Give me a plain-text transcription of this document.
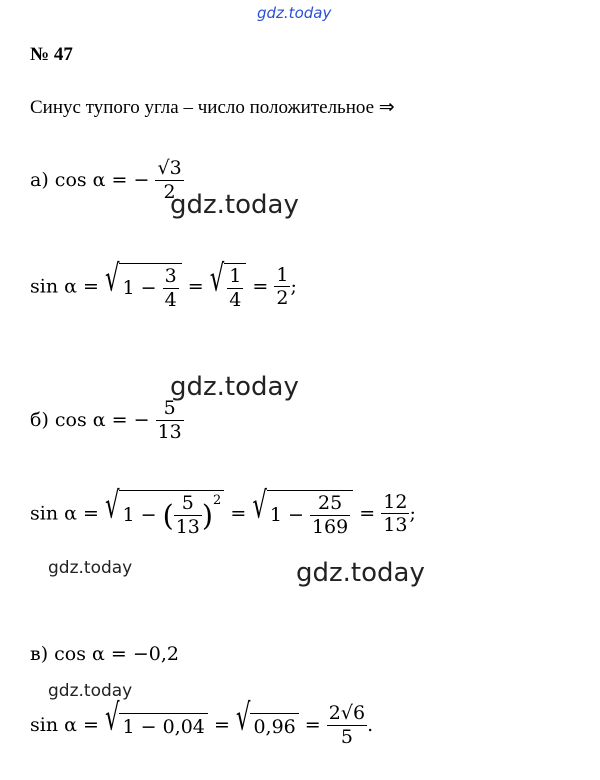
gdz.today
№ 47
Синус тупого угла – число положительное ⇒
а) cos α = − $\frac{√3}{2}$
gdz.today
sin α = √ $1 - \frac{3}{4}$ = √ $\frac{1}{4} = \frac{1}{2}$ ;
gdz.today
б) cos α = − $\frac{5}{13}$
sin α = √ 1 − ( $\frac{5}{13} )^2$ = √ $1 - \frac{25}{169} = \frac{12}{13}$ ;
gdz.today	gdz.today
в) cos α = −0,2
gdz.today
sin α = √ 1 − 0,04 = √ $0,96 = \frac{2√6}{5}$ .
